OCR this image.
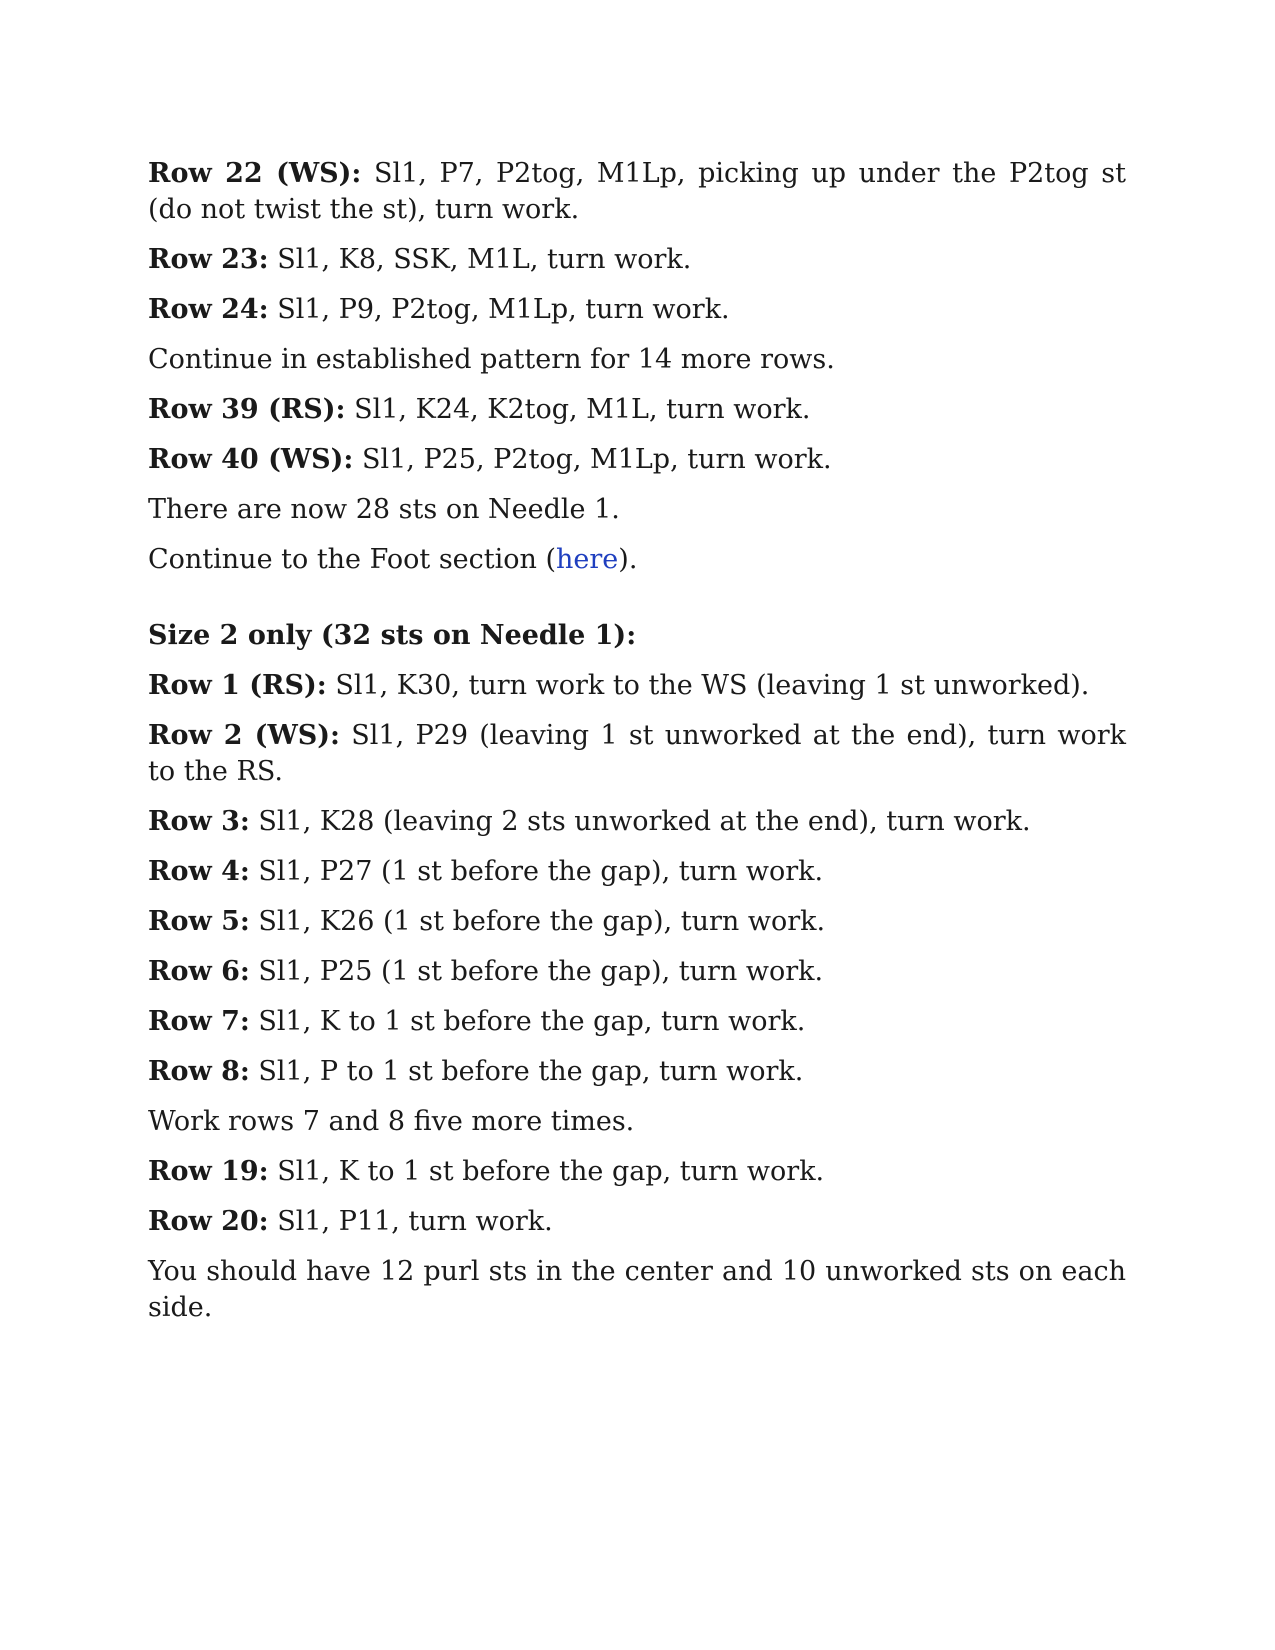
Row 22 (WS): Sl1, P7, P2tog, M1Lp, picking up under the P2tog st (do not twist the st), turn work.

Row 23: Sl1, K8, SSK, M1L, turn work.

Row 24: Sl1, P9, P2tog, M1Lp, turn work.

Continue in established pattern for 14 more rows.

Row 39 (RS): Sl1, K24, K2tog, M1L, turn work.

Row 40 (WS): Sl1, P25, P2tog, M1Lp, turn work.

There are now 28 sts on Needle 1.

Continue to the Foot section (here).

Size 2 only (32 sts on Needle 1):

Row 1 (RS): Sl1, K30, turn work to the WS (leaving 1 st unworked).

Row 2 (WS): Sl1, P29 (leaving 1 st unworked at the end), turn work to the RS.

Row 3: Sl1, K28 (leaving 2 sts unworked at the end), turn work.

Row 4: Sl1, P27 (1 st before the gap), turn work.

Row 5: Sl1, K26 (1 st before the gap), turn work.

Row 6: Sl1, P25 (1 st before the gap), turn work.

Row 7: Sl1, K to 1 st before the gap, turn work.

Row 8: Sl1, P to 1 st before the gap, turn work.

Work rows 7 and 8 five more times.

Row 19: Sl1, K to 1 st before the gap, turn work.

Row 20: Sl1, P11, turn work.

You should have 12 purl sts in the center and 10 unworked sts on each side.
